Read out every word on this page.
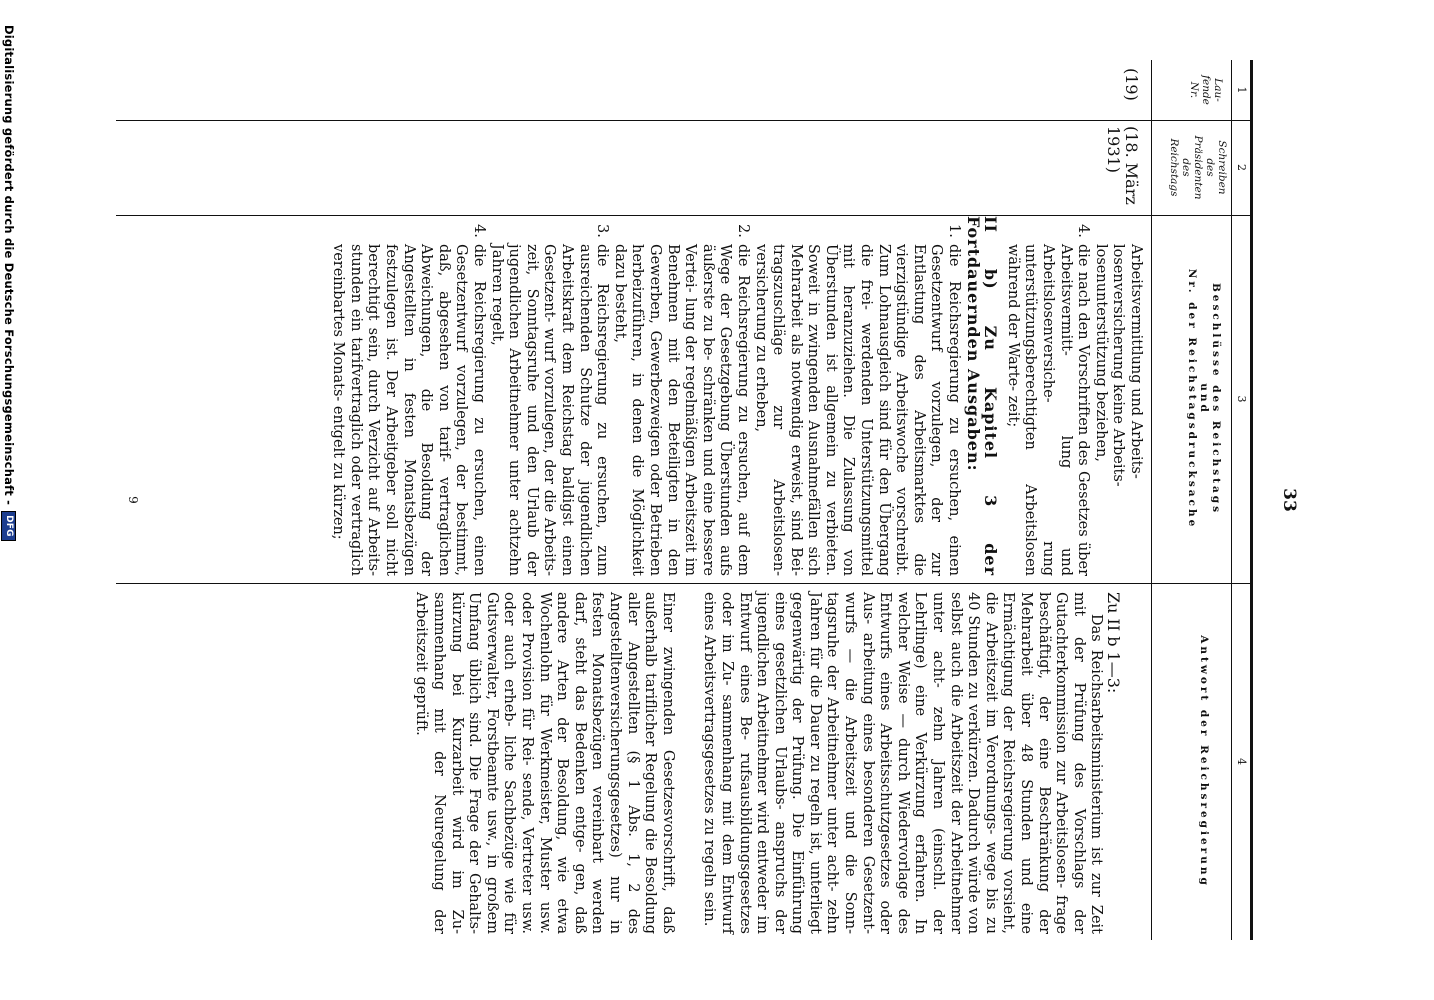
Digitalisierung gefördert durch die Deutsche Forschungsgemeinschaft -
DFG
33
1
2
3
4
Lau-
fende
Nr.
Schreiben
des
Präsidenten
des
Reichstags
Beschlüsse des Reichstags
und
Nr. der Reichstagsdrucksache
Antwort der Reichsregierung
(19)
(18. März
1931)

Arbeitsvermittlung und Arbeits-
losenversicherung keine Arbeits-
losenunterstützung beziehen,

4.
die nach den Vorschriften des Gesetzes über Arbeitsvermitt- lung und Arbeitslosenversiche- rung unterstützungsberechtigten Arbeitslosen während der Warte- zeit;

II b) Zu Kapitel 3 der Fortdauernden Ausgaben:

1.
die Reichsregierung zu ersuchen, einen Gesetzentwurf vorzulegen, der zur Entlastung des Arbeitsmarktes die vierzigstündige Arbeitswoche vorschreibt. Zum Lohnausgleich sind für den Übergang die frei- werdenden Unterstützungsmittel mit heranzuziehen. Die Zulassung von Überstunden ist allgemein zu verbieten. Soweit in zwingenden Ausnahmefällen sich Mehrarbeit als notwendig erweist, sind Bei- tragszuschläge zur Arbeitslosen- versicherung zu erheben,
2.
die Reichsregierung zu ersuchen, auf dem Wege der Gesetzgebung Überstunden aufs äußerste zu be- schränken und eine bessere Vertei- lung der regelmäßigen Arbeitszeit im Benehmen mit den Beteiligten in den Gewerben, Gewerbezweigen oder Betrieben herbeizuführen, in denen die Möglichkeit dazu besteht,
3.
die Reichsregierung zu ersuchen, zum ausreichenden Schutze der jugendlichen Arbeitskraft dem Reichstag baldigst einen Gesetzent- wurf vorzulegen, der die Arbeits- zeit, Sonntagsruhe und den Urlaub der jugendlichen Arbeitnehmer unter achtzehn Jahren regelt,
4.
die Reichsregierung zu ersuchen, einen Gesetzentwurf vorzulegen, der bestimmt, daß, abgesehen von tarif- vertraglichen Abweichungen, die Besoldung der Angestellten in festen Monatsbezügen festzulegen ist. Der Arbeitgeber soll nicht berechtigt sein, durch Verzicht auf Arbeits- stunden ein tarifvertraglich oder vertraglich vereinbartes Monats- entgelt zu kürzen;

Zu II b 1—3:

Das Reichsarbeitsministerium ist zur Zeit mit der Prüfung des Vorschlags der Gutachterkommission zur Arbeitslosen- frage beschäftigt, der eine Beschränkung der Mehrarbeit über 48 Stunden und eine Ermächtigung der Reichsregierung vorsieht, die Arbeitszeit im Verordnungs- wege bis zu 40 Stunden zu verkürzen. Dadurch würde von selbst auch die Arbeitszeit der Arbeitnehmer unter acht- zehn Jahren (einschl. der Lehrlinge) eine Verkürzung erfahren. In welcher Weise — durch Wiedervorlage des Entwurfs eines Arbeitsschutzgesetzes oder Aus- arbeitung eines besonderen Gesetzent- wurfs — die Arbeitszeit und die Sonn- tagsruhe der Arbeitnehmer unter acht- zehn Jahren für die Dauer zu regeln ist, unterliegt gegenwärtig der Prüfung. Die Einführung eines gesetzlichen Urlaubs- anspruchs der jugendlichen Arbeitnehmer wird entweder im Entwurf eines Be- rufsausbildungsgesetzes oder im Zu- sammenhang mit dem Entwurf eines Arbeitsvertragsgesetzes zu regeln sein.

Einer zwingenden Gesetzesvorschrift, daß außerhalb tariflicher Regelung die Besoldung aller Angestellten (§ 1 Abs. 1, 2 des Angestelltenversicherungsgesetzes) nur in festen Monatsbezügen vereinbart werden darf, steht das Bedenken entge- gen, daß andere Arten der Besoldung, wie etwa Wochenlohn für Werkmeister, Muster usw. oder Provision für Rei- sende, Vertreter usw. oder auch erheb- liche Sachbezüge wie für Gutsverwalter, Forstbeamte usw., in großem Umfang üblich sind. Die Frage der Gehalts- kürzung bei Kurzarbeit wird im Zu- sammenhang mit der Neuregelung der Arbeitszeit geprüft.

9
